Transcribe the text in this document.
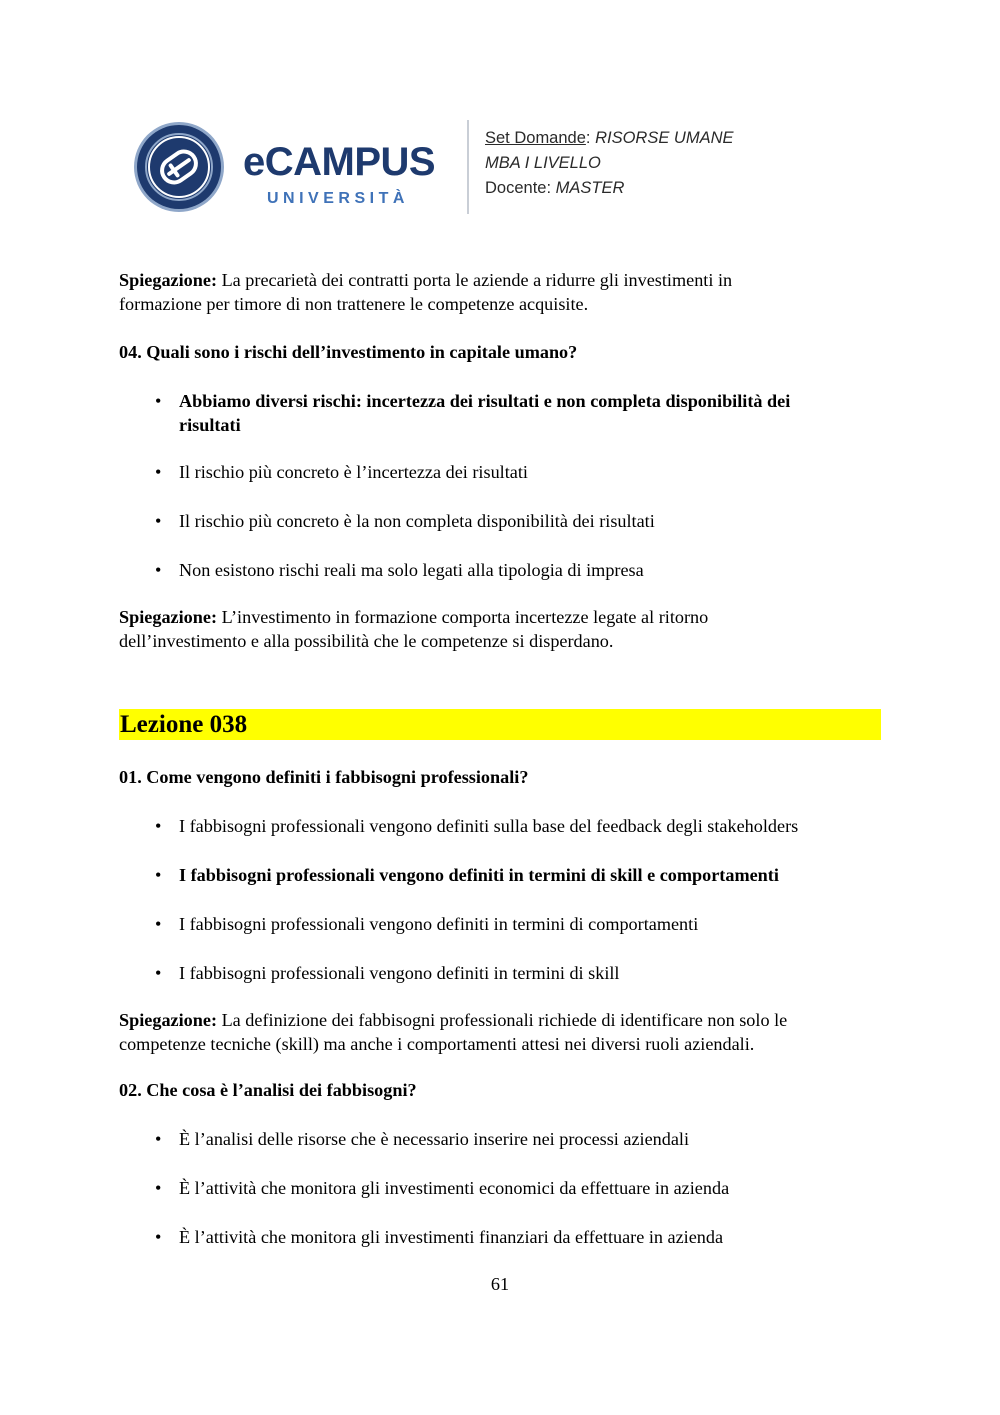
eCAMPUS
UNIVERSITÀ
Set Domande: RISORSE UMANE
MBA I LIVELLO
Docente: MASTER
Spiegazione: La precarietà dei contratti porta le aziende a ridurre gli investimenti in
formazione per timore di non trattenere le competenze acquisite.
04. Quali sono i rischi dell’investimento in capitale umano?
• Abbiamo diversi rischi: incertezza dei risultati e non completa disponibilità dei
risultati
• Il rischio più concreto è l’incertezza dei risultati
• Il rischio più concreto è la non completa disponibilità dei risultati
• Non esistono rischi reali ma solo legati alla tipologia di impresa
Spiegazione: L’investimento in formazione comporta incertezze legate al ritorno
dell’investimento e alla possibilità che le competenze si disperdano.
Lezione 038
01. Come vengono definiti i fabbisogni professionali?
• I fabbisogni professionali vengono definiti sulla base del feedback degli stakeholders
• I fabbisogni professionali vengono definiti in termini di skill e comportamenti
• I fabbisogni professionali vengono definiti in termini di comportamenti
• I fabbisogni professionali vengono definiti in termini di skill
Spiegazione: La definizione dei fabbisogni professionali richiede di identificare non solo le
competenze tecniche (skill) ma anche i comportamenti attesi nei diversi ruoli aziendali.
02. Che cosa è l’analisi dei fabbisogni?
• È l’analisi delle risorse che è necessario inserire nei processi aziendali
• È l’attività che monitora gli investimenti economici da effettuare in azienda
• È l’attività che monitora gli investimenti finanziari da effettuare in azienda
61
